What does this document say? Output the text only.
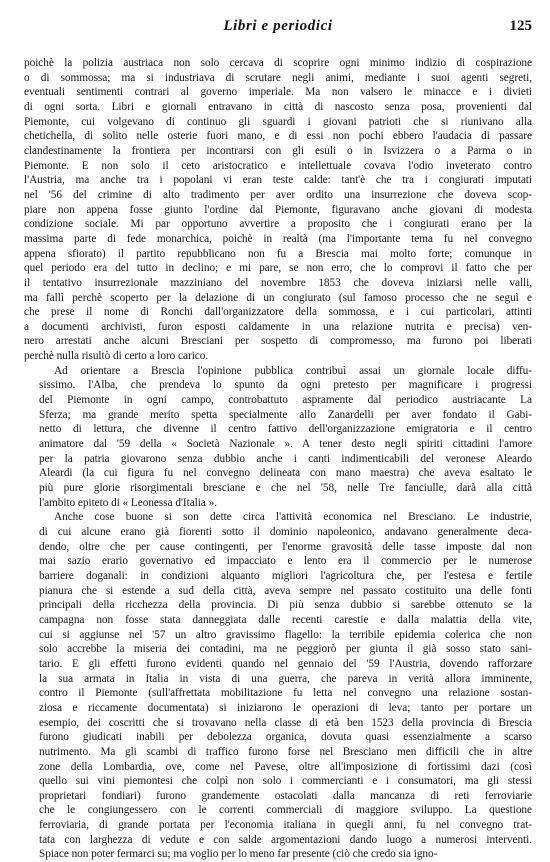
Libri e periodici	125
poichè la polizia austriaca non solo cercava di scoprire ogni minimo indizio di cospirazione
o di sommossa; ma si industriava di scrutare negli animi, mediante i suoi agenti segreti,
eventuali sentimenti contrari al governo imperiale. Ma non valsero le minacce e i divieti
di ogni sorta. Libri e giornali entravano in città di nascosto senza posa, provenienti dal
Piemonte, cui volgevano di continuo gli sguardi i giovani patrioti che si riunivano alla
chetichella, di solito nelle osterie fuori mano, e di essi non pochi ebbero l'audacia di passare
clandestinamente la frontiera per incontrarsi con gli esuli o in Isvizzera o a Parma o in
Piemonte. E non solo il ceto aristocratico e intellettuale covava l'odio inveterato contro
l'Austria, ma anche tra i popolani vi eran teste calde: tant'è che tra i congiurati imputati
nel '56 del crimine di alto tradimento per aver ordito una insurrezione che doveva scop-
piare non appena fosse giunto l'ordine dal Piemonte, figuravano anche giovani di modesta
condizione sociale. Mi par opportuno avvertire a proposito che i congiurati erano per la
massima parte di fede monarchica, poichè in realtà (ma l'importante tema fu nel convegno
appena sfiorato) il partito repubblicano non fu a Brescia mai molto forte; comunque in
quel periodo era del tutto in declino; e mi pare, se non erro, che lo comprovi il fatto che per
il tentativo insurrezionale mazziniano del novembre 1853 che doveva iniziarsi nelle valli,
ma fallì perchè scoperto per la delazione di un congiurato (sul famoso processo che ne seguì e
che prese il nome di Ronchi dall'organizzatore della sommossa, e i cui particolari, attinti
a documenti archivisti, furon esposti caldamente in una relazione nutrita e precisa) ven-
nero arrestati anche alcuni Bresciani per sospetto di compromesso, ma furono poi liberati
perchè nulla risultò di certo a loro carico.
Ad orientare a Brescia l'opinione pubblica contribuì assai un giornale locale diffu-
sissimo. l'Alba, che prendeva lo spunto da ogni pretesto per magnificare i progressi
del Piemonte in ogni campo, controbattuto aspramente dal periodico austriacante La
Sferza; ma grande merito spetta specialmente allo Zanardelli per aver fondato il Gabi-
netto di lettura, che divenne il centro fattivo dell'organizzazione emigratoria e il centro
animatore dal '59 della « Società Nazionale ». A tener desto negli spiriti cittadini l'amore
per la patria giovarono senza dubbio anche i canti indimenticabili del veronese Aleardo
Aleardi (la cui figura fu nel convegno delineata con mano maestra) che aveva esaltato le
più pure glorie risorgimentali bresciane e che nel '58, nelle Tre fanciulle, darà alla città
l'ambito epiteto di « Leonessa d'Italia ».
Anche cose buone si son dette circa l'attività economica nel Bresciano. Le industrie,
di cui alcune erano già fiorenti sotto il dominio napoleonico, andavano generalmente deca-
dendo, oltre che per cause contingenti, per l'enorme gravosità delle tasse imposte dal non
mai sazio erario governativo ed impacciato e lento era il commercio per le numerose
barriere doganali: in condizioni alquanto migliori l'agricoltura che, per l'estesa e fertile
pianura che si estende a sud della città, aveva sempre nel passato costituito una delle fonti
principali della ricchezza della provincia. Di più senza dubbio si sarebbe ottenuto se la
campagna non fosse stata danneggiata dalle recenti carestie e dalla malattia della vite,
cui si aggiunse nel '57 un altro gravissimo flagello: la terribile epidemia colerica che non
solo accrebbe la miseria dei contadini, ma ne peggiorò per giunta il già sosso stato sani-
tario. E gli effetti furono evidenti quando nel gennaio del '59 l'Austria, dovendo rafforzare
la sua armata in Italia in vista di una guerra, che pareva in verità allora imminente,
contro il Piemonte (sull'affrettata mobilitazione fu letta nel convegno una relazione sostan-
ziosa e riccamente documentata) si iniziarono le operazioni di leva; tanto per portare un
esempio, dei coscritti che si trovavano nella classe di età ben 1523 della provincia di Brescia
furono giudicati inabili per debolezza organica, dovuta quasi essenzialmente a scarso
nutrimento. Ma gli scambi di traffico furono forse nel Bresciano men difficili che in altre
zone della Lombardia, ove, come nel Pavese, oltre all'imposizione di fortissimi dazi (così
quello sui vini piemontesi che colpì non solo i commercianti e i consumatori, ma gli stessi
proprietari fondiari) furono grandemente ostacolati dalla mancanza di reti ferroviarie
che le congiungessero con le correnti commerciali di maggiore sviluppo. La questione
ferroviaria, di grande portata per l'economia italiana in quegli anni, fu nel convegno trat-
tata con larghezza di vedute e con salde argomentazioni dando luogo a numerosi interventi.
Spiace non poter fermarci su; ma voglio per lo meno far presente (ciò che credo sia igno-
